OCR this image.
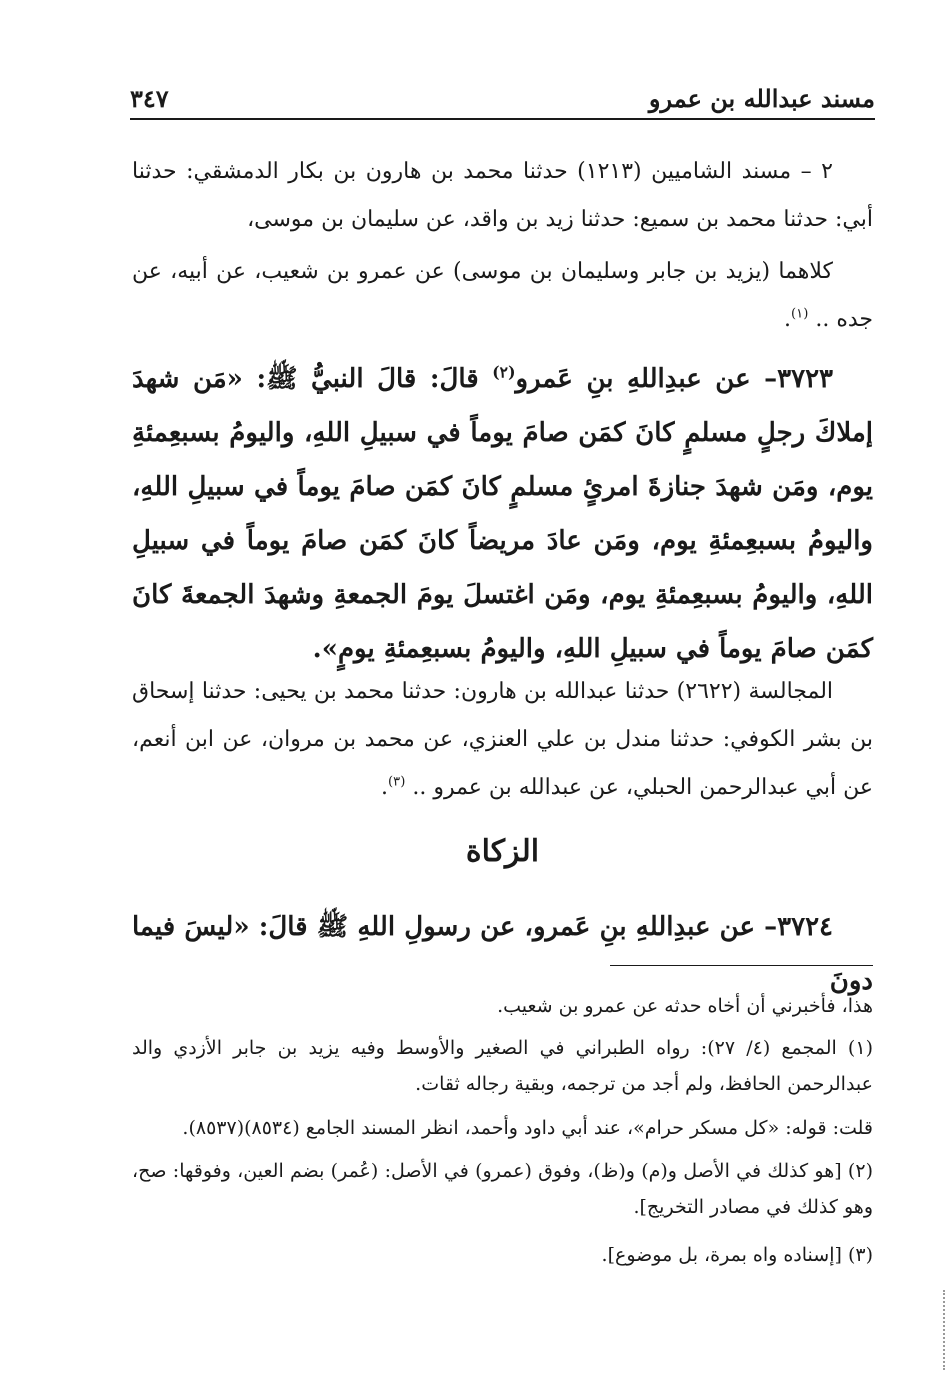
مسند عبدالله بن عمرو
٣٤٧
٢ – مسند الشاميين (١٢١٣) حدثنا محمد بن هارون بن بكار الدمشقي: حدثنا أبي: حدثنا محمد بن سميع: حدثنا زيد بن واقد، عن سليمان بن موسى،
كلاهما (يزيد بن جابر وسليمان بن موسى) عن عمرو بن شعيب، عن أبيه، عن جده .. $^{(١)}$.
٣٧٢٣– عن عبدِاللهِ بنِ عَمرو$^{(٢)}$ قالَ: قالَ النبيُّ ﷺ: «مَن شهدَ إملاكَ رجلٍ مسلمٍ كانَ كمَن صامَ يوماً في سبيلِ اللهِ، واليومُ بسبعِمئةِ يوم، ومَن شهدَ جنازةَ امرئٍ مسلمٍ كانَ كمَن صامَ يوماً في سبيلِ اللهِ، واليومُ بسبعِمئةِ يوم، ومَن عادَ مريضاً كانَ كمَن صامَ يوماً في سبيلِ اللهِ، واليومُ بسبعِمئةِ يوم، ومَن اغتسلَ يومَ الجمعةِ وشهدَ الجمعةَ كانَ كمَن صامَ يوماً في سبيلِ اللهِ، واليومُ بسبعِمئةِ يومٍ».
المجالسة (٢٦٢٢) حدثنا عبدالله بن هارون: حدثنا محمد بن يحيى: حدثنا إسحاق بن بشر الكوفي: حدثنا مندل بن علي العنزي، عن محمد بن مروان، عن ابن أنعم، عن أبي عبدالرحمن الحبلي، عن عبدالله بن عمرو .. $^{(٣)}$.
الزكاة
٣٧٢٤– عن عبدِاللهِ بنِ عَمرو، عن رسولِ اللهِ ﷺ قالَ: «ليسَ فيما دونَ
هذا، فأخبرني أن أخاه حدثه عن عمرو بن شعيب.
(١) المجمع (٤/ ٢٧): رواه الطبراني في الصغير والأوسط وفيه يزيد بن جابر الأزدي والد عبدالرحمن الحافظ، ولم أجد من ترجمه، وبقية رجاله ثقات.
قلت: قوله: «كل مسكر حرام»، عند أبي داود وأحمد، انظر المسند الجامع (٨٥٣٤)(٨٥٣٧).
(٢) [هو كذلك في الأصل و(م) و(ظ)، وفوق (عمرو) في الأصل: (عُمر) بضم العين، وفوقها: صح، وهو كذلك في مصادر التخريج].
(٣) [إسناده واه بمرة، بل موضوع].
